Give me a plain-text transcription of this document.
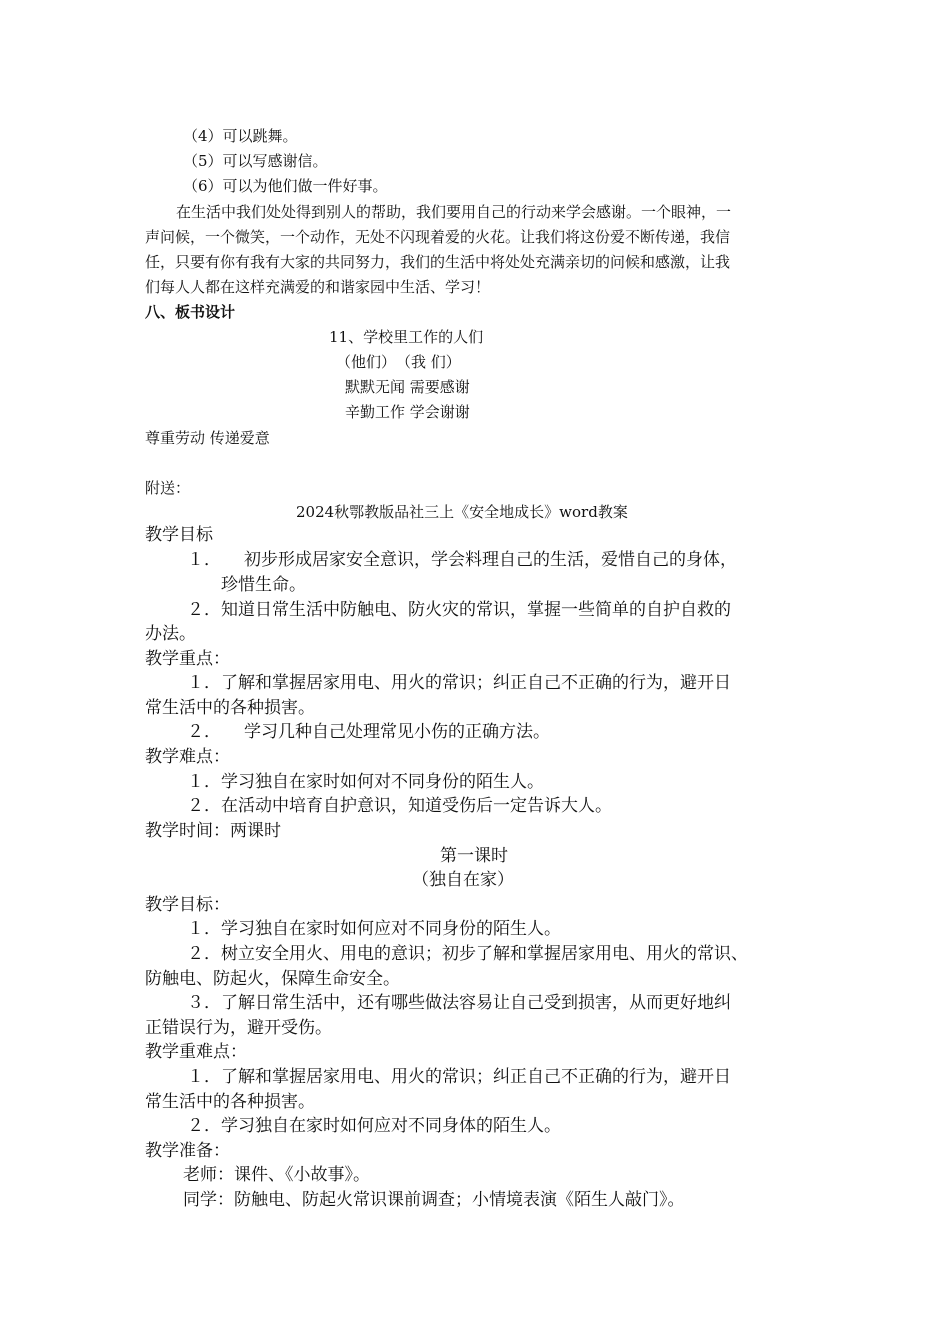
（4）可以跳舞。

（5）可以写感谢信。

（6）可以为他们做一件好事。

在生活中我们处处得到别人的帮助，我们要用自己的行动来学会感谢。一个眼神，一

声问候，一个微笑，一个动作，无处不闪现着爱的火花。让我们将这份爱不断传递，我信

任，只要有你有我有大家的共同努力，我们的生活中将处处充满亲切的问候和感激，让我

们每人人都在这样充满爱的和谐家园中生活、学习！

八、板书设计

11、学校里工作的人们

（他们）　（我 们）

默默无闻 需要感谢

辛勤工作 学会谢谢

尊重劳动 传递爱意

附送：

2024秋鄂教版品社三上《安全地成长》word教案

教学目标

１． 初步形成居家安全意识，学会料理自己的生活，爱惜自己的身体，

珍惜生命。

２．知道日常生活中防触电、防火灾的常识，掌握一些简单的自护自救的

办法。

教学重点：

１．了解和掌握居家用电、用火的常识；纠正自己不正确的行为，避开日

常生活中的各种损害。

２． 学习几种自己处理常见小伤的正确方法。

教学难点：

１．学习独自在家时如何对不同身份的陌生人。

２．在活动中培育自护意识，知道受伤后一定告诉大人。

教学时间：两课时

第一课时

（独自在家）

教学目标：

１．学习独自在家时如何应对不同身份的陌生人。

２．树立安全用火、用电的意识；初步了解和掌握居家用电、用火的常识、

防触电、防起火，保障生命安全。

３．了解日常生活中，还有哪些做法容易让自己受到损害，从而更好地纠

正错误行为，避开受伤。

教学重难点：

１．了解和掌握居家用电、用火的常识；纠正自己不正确的行为，避开日

常生活中的各种损害。

２．学习独自在家时如何应对不同身体的陌生人。

教学准备：

老师：课件、《小故事》。

同学：防触电、防起火常识课前调查；小情境表演《陌生人敲门》。
